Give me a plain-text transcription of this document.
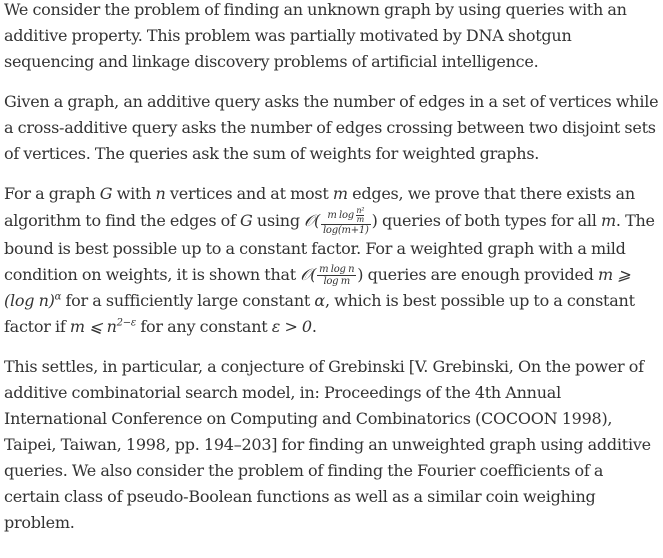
We consider the problem of finding an unknown graph by using queries with an additive property. This problem was partially motivated by DNA shotgun sequencing and linkage discovery problems of artificial intelligence.

Given a graph, an additive query asks the number of edges in a set of vertices while a cross-additive query asks the number of edges crossing between two disjoint sets of vertices. The queries ask the sum of weights for weighted graphs.

For a graph G with n vertices and at most m edges, we prove that there exists an algorithm to find the edges of G using 𝒪( $\frac{m \log \frac{\text{n²}}{m}}{\log(m+1)}$ ) queries of both types for all m. The bound is best possible up to a constant factor. For a weighted graph with a mild condition on weights, it is shown that 𝒪( $\frac{\text{m log n}}{\text{log m}}$ ) queries are enough provided m ⩾ (log n)$^\alpha$ for a sufficiently large constant α, which is best possible up to a constant factor if m ⩽ $n^{2-\varepsilon}$ for any constant ε > 0.

This settles, in particular, a conjecture of Grebinski [V. Grebinski, On the power of additive combinatorial search model, in: Proceedings of the 4th Annual International Conference on Computing and Combinatorics (COCOON 1998), Taipei, Taiwan, 1998, pp. 194–203] for finding an unweighted graph using additive queries. We also consider the problem of finding the Fourier coefficients of a certain class of pseudo-Boolean functions as well as a similar coin weighing problem.
